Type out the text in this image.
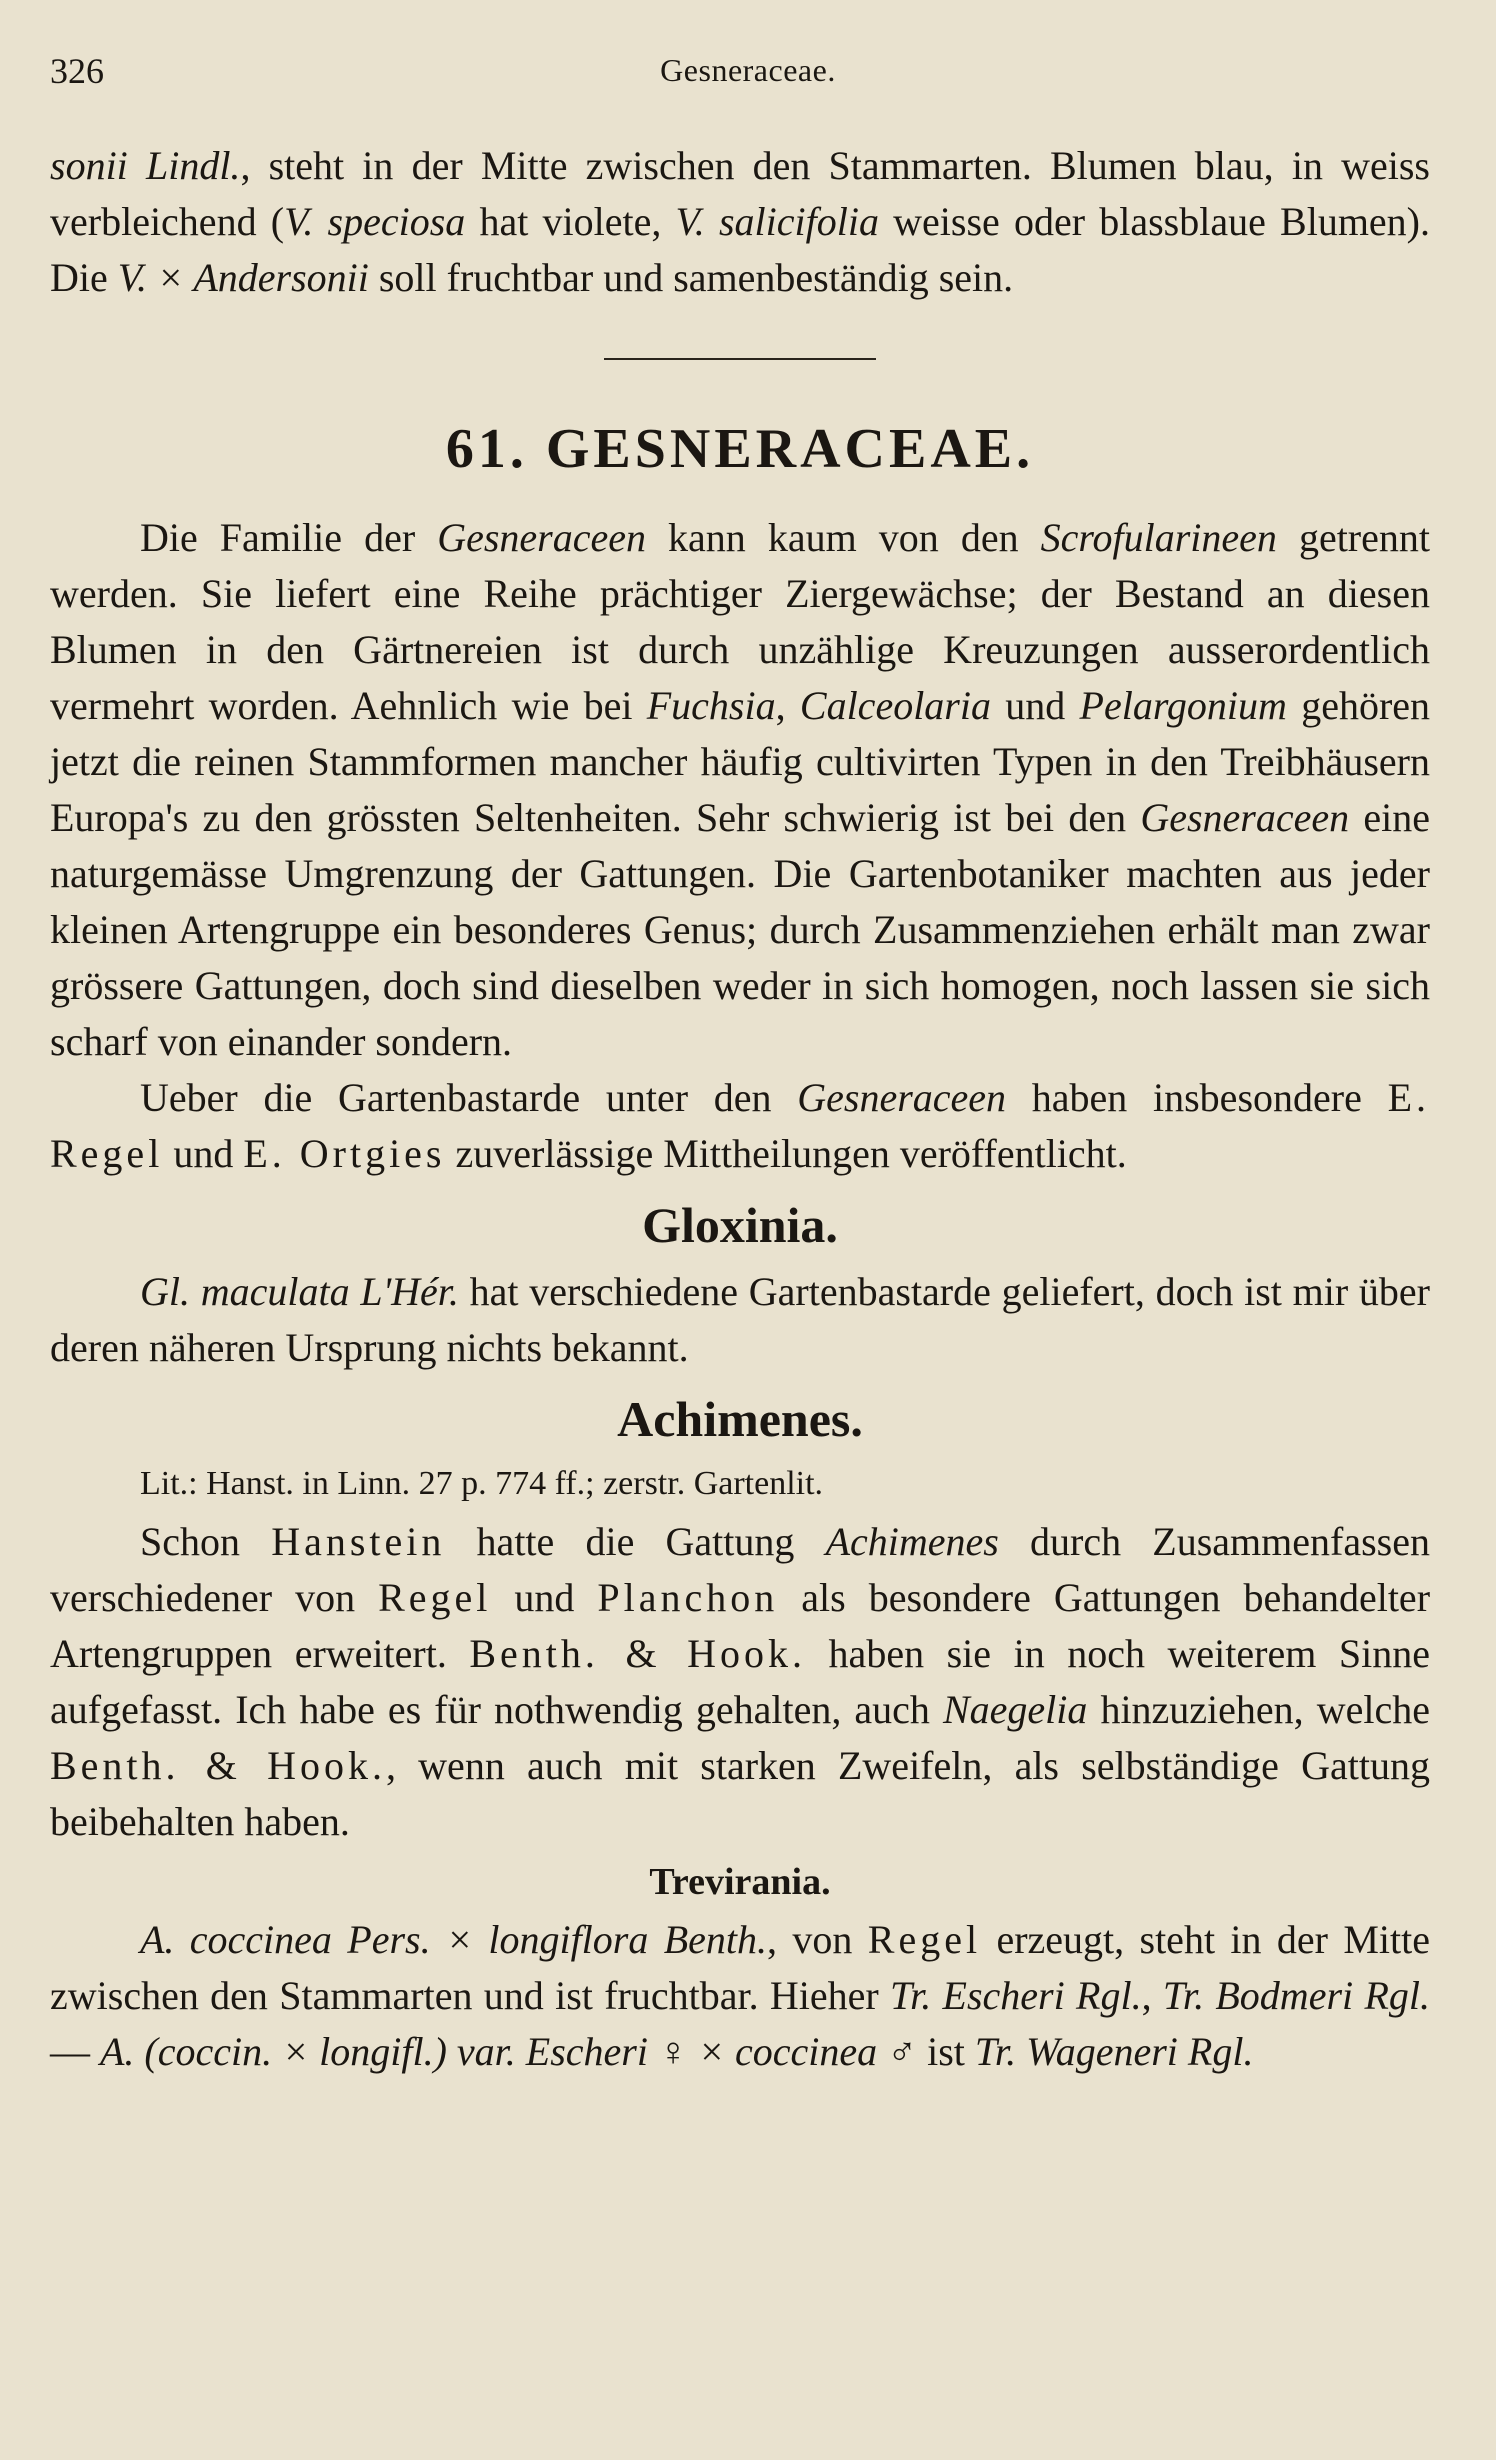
326	Gesneraceae.

sonii Lindl., steht in der Mitte zwischen den Stammarten. Blumen blau, in weiss verbleichend (V. speciosa hat violete, V. salicifolia weisse oder blassblaue Blumen). Die V. × Andersonii soll fruchtbar und samenbeständig sein.

61. GESNERACEAE.

Die Familie der Gesneraceen kann kaum von den Scrofularineen getrennt werden. Sie liefert eine Reihe prächtiger Ziergewächse; der Bestand an diesen Blumen in den Gärtnereien ist durch unzählige Kreuzungen ausserordentlich vermehrt worden. Aehnlich wie bei Fuchsia, Calceolaria und Pelargonium gehören jetzt die reinen Stammformen mancher häufig cultivirten Typen in den Treibhäusern Europa's zu den grössten Seltenheiten. Sehr schwierig ist bei den Gesneraceen eine naturgemässe Umgrenzung der Gattungen. Die Gartenbotaniker machten aus jeder kleinen Artengruppe ein besonderes Genus; durch Zusammenziehen erhält man zwar grössere Gattungen, doch sind dieselben weder in sich homogen, noch lassen sie sich scharf von einander sondern.

Ueber die Gartenbastarde unter den Gesneraceen haben insbesondere E. Regel und E. Ortgies zuverlässige Mittheilungen veröffentlicht.

Gloxinia.

Gl. maculata L'Hér. hat verschiedene Gartenbastarde geliefert, doch ist mir über deren näheren Ursprung nichts bekannt.

Achimenes.

Lit.: Hanst. in Linn. 27 p. 774 ff.; zerstr. Gartenlit.

Schon Hanstein hatte die Gattung Achimenes durch Zusammenfassen verschiedener von Regel und Planchon als besondere Gattungen behandelter Artengruppen erweitert. Benth. & Hook. haben sie in noch weiterem Sinne aufgefasst. Ich habe es für nothwendig gehalten, auch Naegelia hinzuziehen, welche Benth. & Hook., wenn auch mit starken Zweifeln, als selbständige Gattung beibehalten haben.

Trevirania.

A. coccinea Pers. × longiflora Benth., von Regel erzeugt, steht in der Mitte zwischen den Stammarten und ist fruchtbar. Hieher Tr. Escheri Rgl., Tr. Bodmeri Rgl. — A. (coccin. × longifl.) var. Escheri ♀ × coccinea ♂ ist Tr. Wageneri Rgl.
